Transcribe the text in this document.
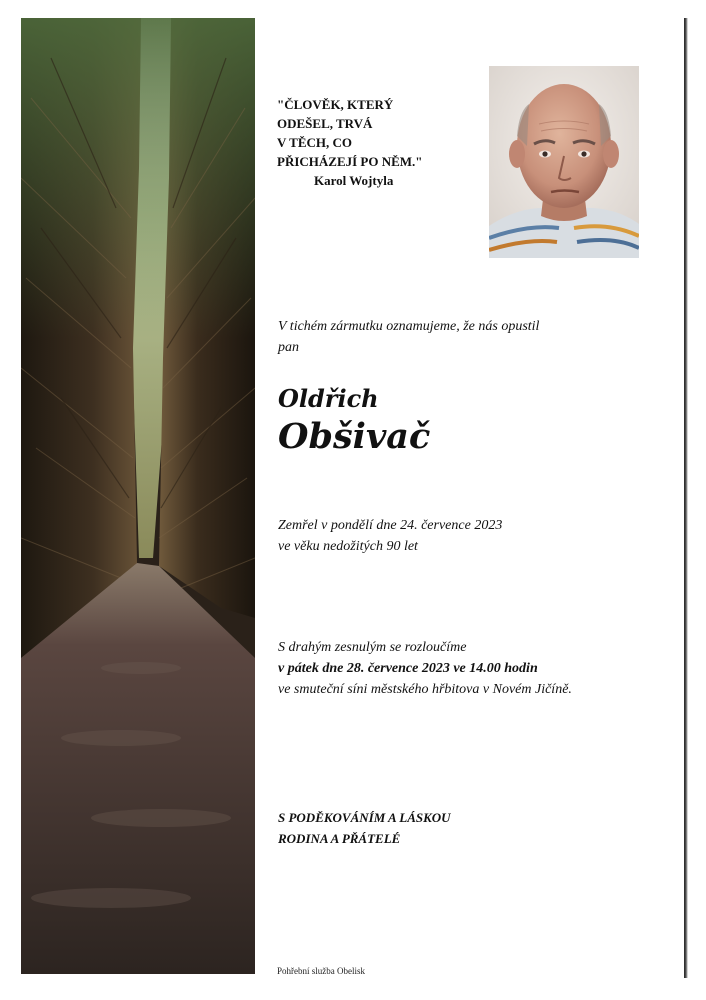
"ČLOVĚK, KTERÝ
ODEŠEL, TRVÁ
V TĚCH, CO
PŘICHÁZEJÍ PO NĚM."
Karol Wojtyla
V tichém zármutku oznamujeme, že nás opustil
pan
Oldřich
Obšivač
Zemřel v pondělí dne 24. července 2023
ve věku nedožitých 90 let
S drahým zesnulým se rozloučíme
v pátek dne 28. července 2023 ve 14.00 hodin
ve smuteční síni městského hřbitova v Novém Jičíně.
S PODĚKOVÁNÍM A LÁSKOU
RODINA A PŘÁTELÉ
Pohřební služba Obelisk
